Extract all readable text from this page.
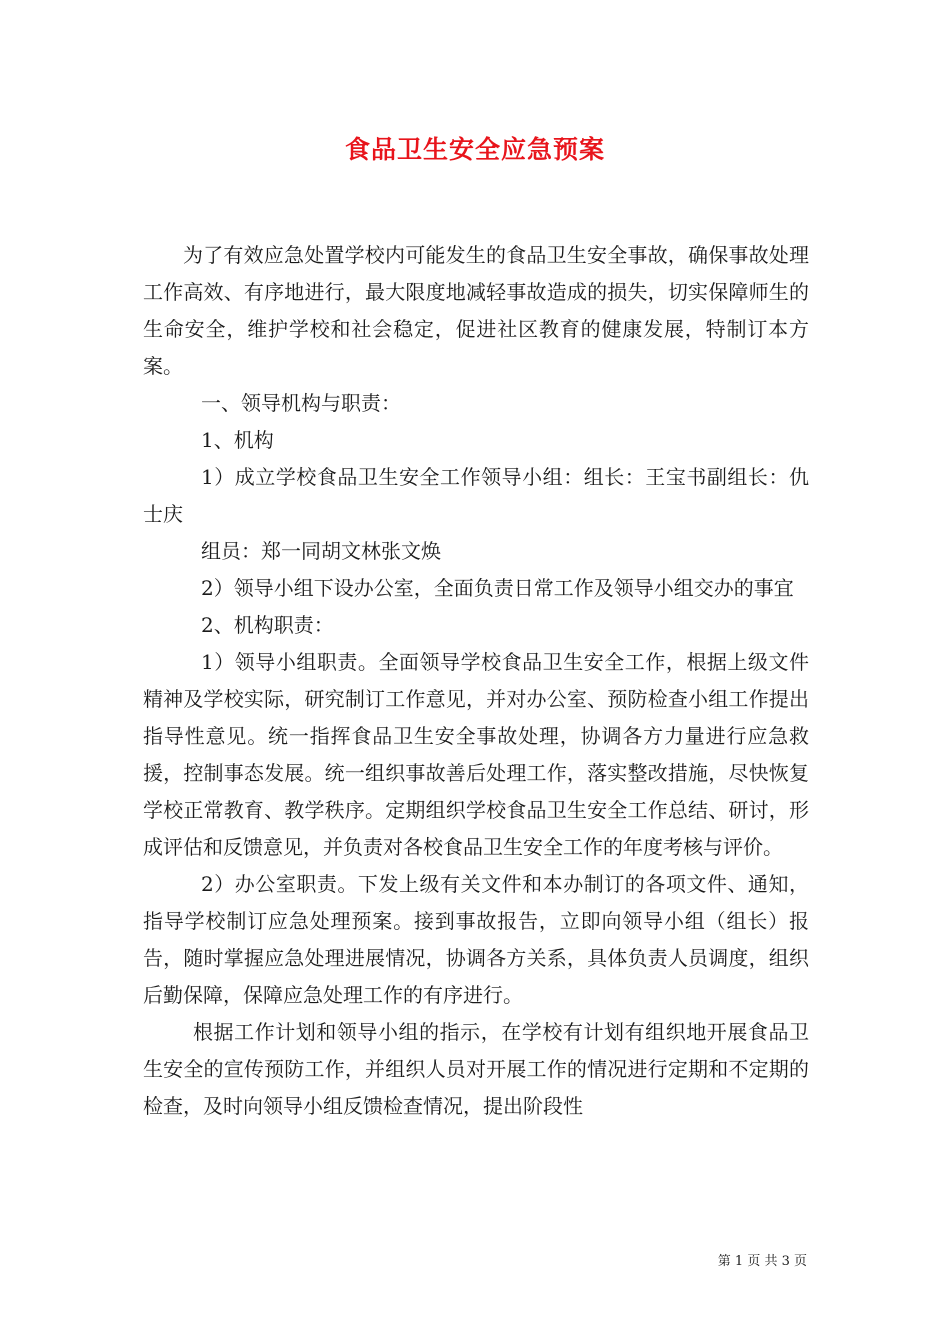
食品卫生安全应急预案

为了有效应急处置学校内可能发生的食品卫生安全事故，确保事故处理工作高效、有序地进行，最大限度地减轻事故造成的损失，切实保障师生的生命安全，维护学校和社会稳定，促进社区教育的健康发展，特制订本方案。

一、领导机构与职责：

1、机构

1）成立学校食品卫生安全工作领导小组：组长：王宝书副组长：仇士庆

组员：郑一同胡文林张文焕

2）领导小组下设办公室，全面负责日常工作及领导小组交办的事宜

2、机构职责：

1）领导小组职责。全面领导学校食品卫生安全工作，根据上级文件精神及学校实际，研究制订工作意见，并对办公室、预防检查小组工作提出指导性意见。统一指挥食品卫生安全事故处理，协调各方力量进行应急救援，控制事态发展。统一组织事故善后处理工作，落实整改措施，尽快恢复学校正常教育、教学秩序。定期组织学校食品卫生安全工作总结、研讨，形成评估和反馈意见，并负责对各校食品卫生安全工作的年度考核与评价。

2）办公室职责。下发上级有关文件和本办制订的各项文件、通知，指导学校制订应急处理预案。接到事故报告，立即向领导小组（组长）报告，随时掌握应急处理进展情况，协调各方关系，具体负责人员调度，组织后勤保障，保障应急处理工作的有序进行。

根据工作计划和领导小组的指示，在学校有计划有组织地开展食品卫生安全的宣传预防工作，并组织人员对开展工作的情况进行定期和不定期的检查，及时向领导小组反馈检查情况，提出阶段性

第 1 页 共 3 页
